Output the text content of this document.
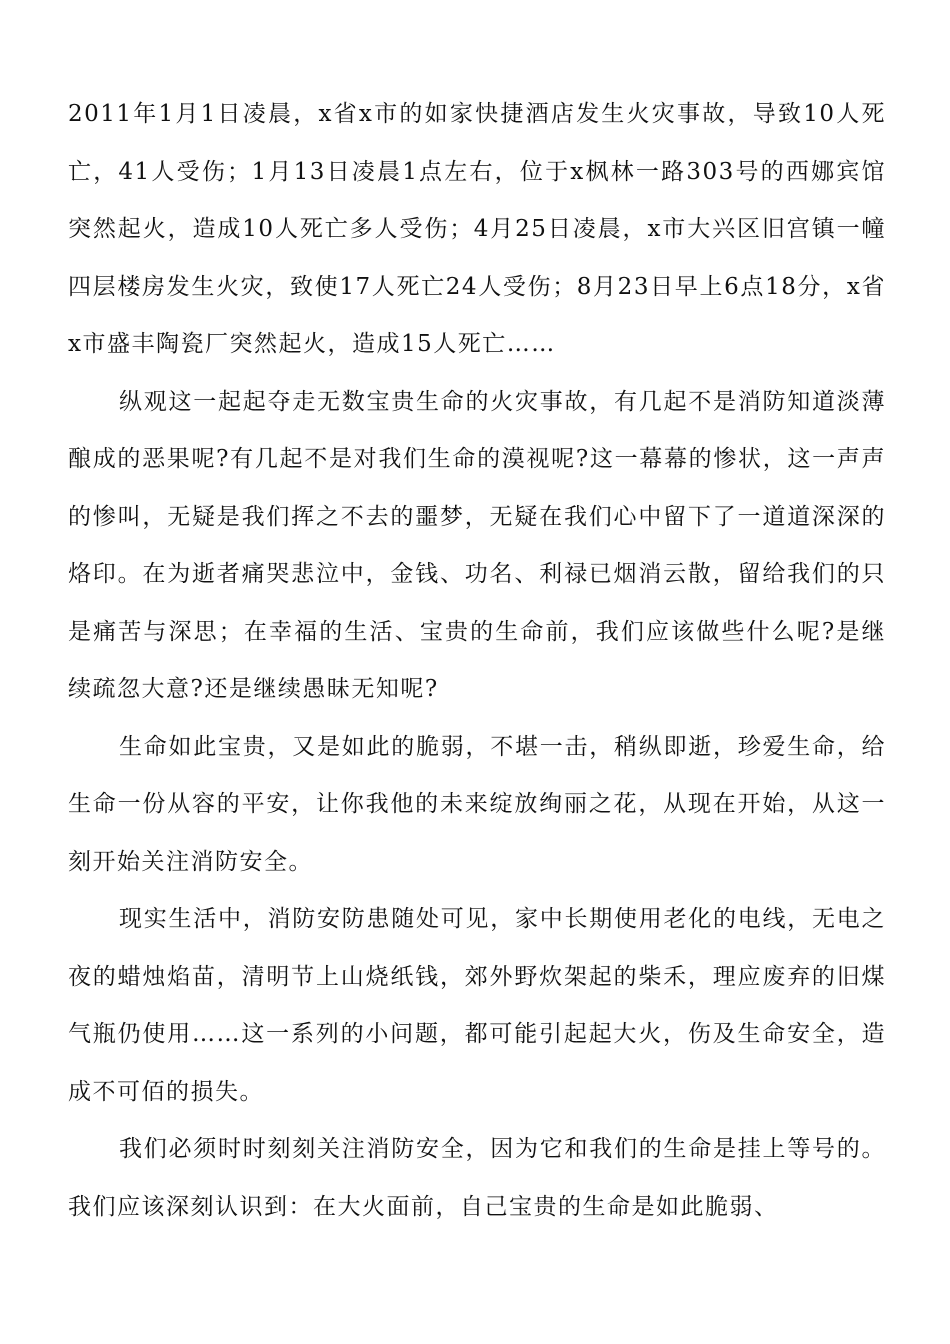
2011年1月1日凌晨，x省x市的如家快捷酒店发生火灾事故，导致10人死亡，41人受伤；1月13日凌晨1点左右，位于x枫林一路303号的西娜宾馆突然起火，造成10人死亡多人受伤；4月25日凌晨，x市大兴区旧宫镇一幢四层楼房发生火灾，致使17人死亡24人受伤；8月23日早上6点18分，x省x市盛丰陶瓷厂突然起火，造成15人死亡……

纵观这一起起夺走无数宝贵生命的火灾事故，有几起不是消防知道淡薄酿成的恶果呢?有几起不是对我们生命的漠视呢?这一幕幕的惨状，这一声声的惨叫，无疑是我们挥之不去的噩梦，无疑在我们心中留下了一道道深深的烙印。在为逝者痛哭悲泣中，金钱、功名、利禄已烟消云散，留给我们的只是痛苦与深思；在幸福的生活、宝贵的生命前，我们应该做些什么呢?是继续疏忽大意?还是继续愚昧无知呢?

生命如此宝贵，又是如此的脆弱，不堪一击，稍纵即逝，珍爱生命，给生命一份从容的平安，让你我他的未来绽放绚丽之花，从现在开始，从这一刻开始关注消防安全。

现实生活中，消防安防患随处可见，家中长期使用老化的电线，无电之夜的蜡烛焰苗，清明节上山烧纸钱，郊外野炊架起的柴禾，理应废弃的旧煤气瓶仍使用……这一系列的小问题，都可能引起起大火，伤及生命安全，造成不可佰的损失。

我们必须时时刻刻关注消防安全，因为它和我们的生命是挂上等号的。我们应该深刻认识到：在大火面前，自己宝贵的生命是如此脆弱、
